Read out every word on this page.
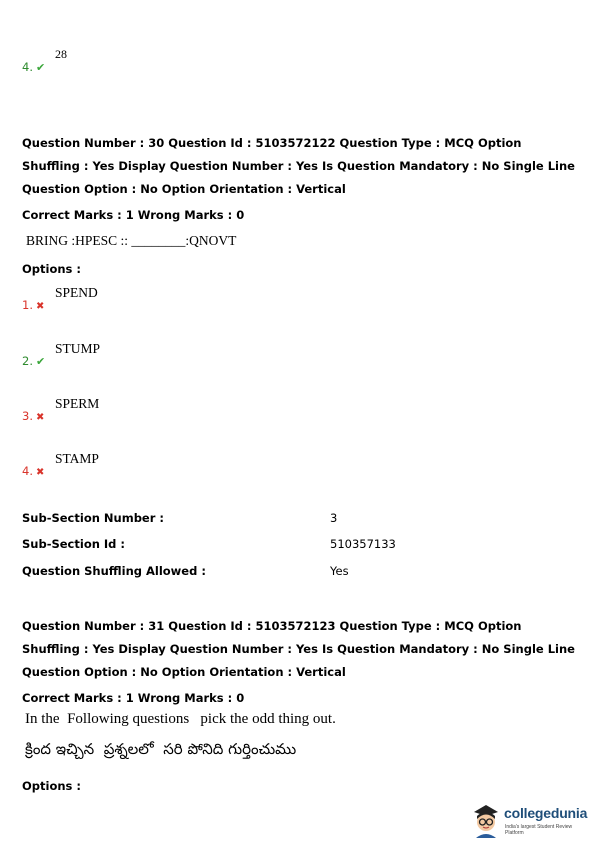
4. ✔
28
Question Number : 30 Question Id : 5103572122 Question Type : MCQ Option Shuffling : Yes Display Question Number : Yes Is Question Mandatory : No Single Line Question Option : No Option Orientation : Vertical
Correct Marks : 1 Wrong Marks : 0
BRING :HPESC :: ________:QNOVT
Options :
1. ✖
SPEND
2. ✔
STUMP
3. ✖
SPERM
4. ✖
STAMP
Sub-Section Number :	3
Sub-Section Id :	510357133
Question Shuffling Allowed :	Yes
Question Number : 31 Question Id : 5103572123 Question Type : MCQ Option Shuffling : Yes Display Question Number : Yes Is Question Mandatory : No Single Line Question Option : No Option Orientation : Vertical
Correct Marks : 1 Wrong Marks : 0
In the  Following questions   pick the odd thing out.
క్రింద ఇచ్చిన  ప్రశ్నలలో  సరి పోనిది గుర్తించుము
Options :
collegedunia
India's largest Student Review Platform
